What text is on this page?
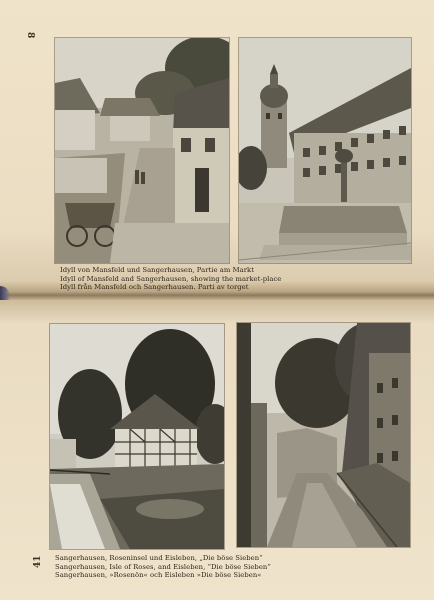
8
41
Idyll von Mansfeld und Sangerhausen, Partie am Markt
Idyll of Mansfeld and Sangerhausen, showing the market-place
Idyll från Mansfeld och Sangerhausen. Parti av torget
Sangerhausen, Roseninsel und Eisleben, „Die böse Sieben“
Sangerhausen, Isle of Roses, and Eisleben, “Die böse Sieben”
Sangerhausen, »Rosenön« och Eisleben »Die böse Sieben«
